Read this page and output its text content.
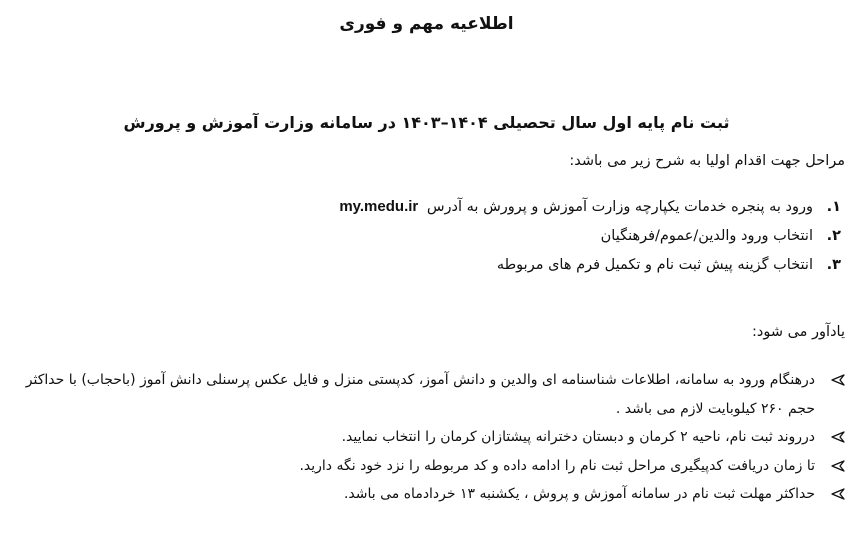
اطلاعیه مهم و فوری
ثبت نام پایه اول سال تحصیلی ۱۴۰۴–۱۴۰۳ در سامانه وزارت آموزش و پرورش
مراحل جهت اقدام اولیا به شرح زیر می باشد:
۱.
ورود به پنجره خدمات یکپارچه وزارت آموزش و پرورش به آدرس my.medu.ir
۲.
انتخاب ورود والدین/عموم/فرهنگیان
۳.
انتخاب گزینه پیش ثبت نام و تکمیل فرم های مربوطه
یادآور می شود:
درهنگام ورود به سامانه، اطلاعات شناسنامه ای والدین و دانش آموز، کدپستی منزل و فایل عکس پرسنلی دانش آموز (باحجاب) با حداکثر حجم ۲۶۰ کیلوبایت لازم می باشد .
درروند ثبت نام، ناحیه ۲ کرمان و دبستان دخترانه پیشتازان کرمان را انتخاب نمایید.
تا زمان دریافت کدپیگیری مراحل ثبت نام را ادامه داده و کد مربوطه را نزد خود نگه دارید.
حداکثر مهلت ثبت نام در سامانه آموزش و پروش ، یکشنبه ۱۳ خردادماه می باشد.
